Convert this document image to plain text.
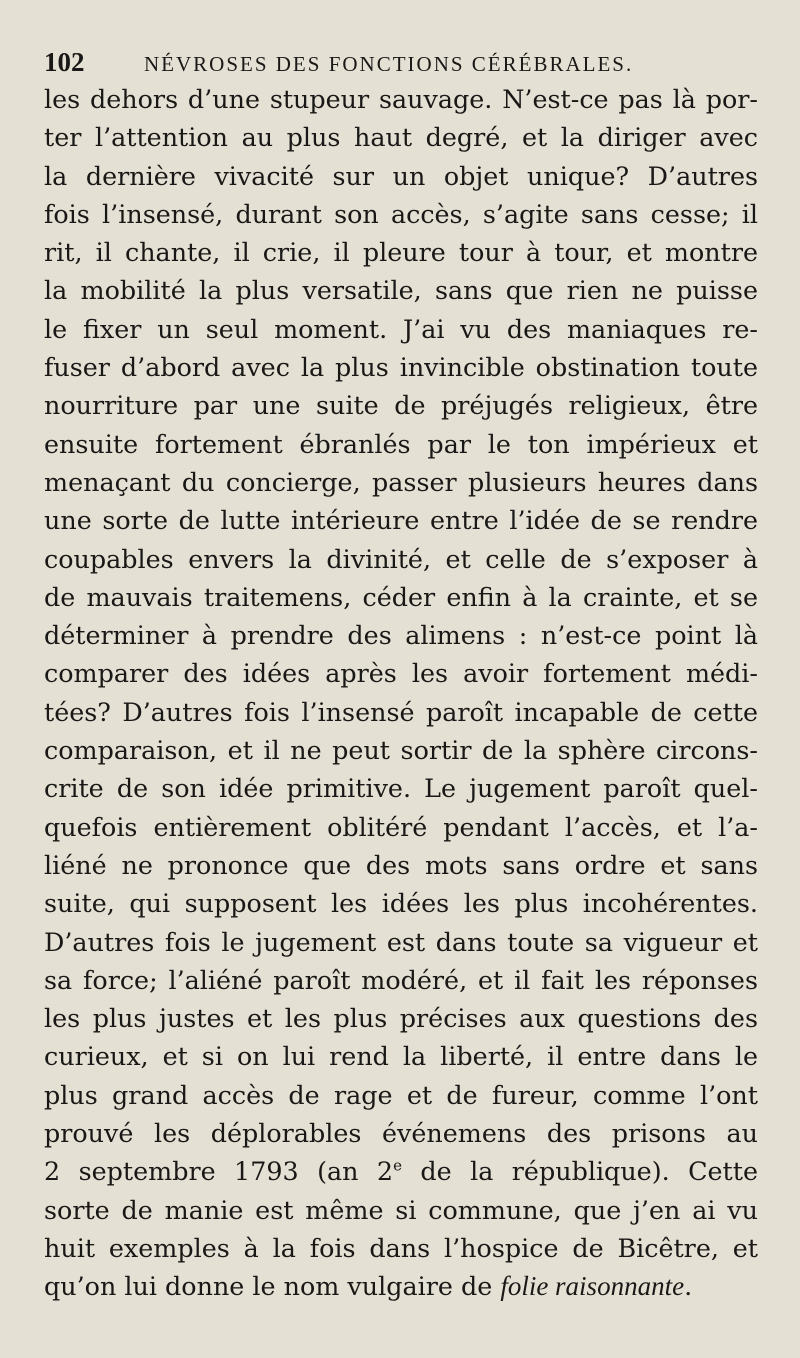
102	NÉVROSES DES FONCTIONS CÉRÉBRALES.
les dehors d’une stupeur sauvage. N’est-ce pas là por-
ter l’attention au plus haut degré, et la diriger avec
la dernière vivacité sur un objet unique? D’autres
fois l’insensé, durant son accès, s’agite sans cesse; il
rit, il chante, il crie, il pleure tour à tour, et montre
la mobilité la plus versatile, sans que rien ne puisse
le fixer un seul moment. J’ai vu des maniaques re-
fuser d’abord avec la plus invincible obstination toute
nourriture par une suite de préjugés religieux, être
ensuite fortement ébranlés par le ton impérieux et
menaçant du concierge, passer plusieurs heures dans
une sorte de lutte intérieure entre l’idée de se rendre
coupables envers la divinité, et celle de s’exposer à
de mauvais traitemens, céder enfin à la crainte, et se
déterminer à prendre des alimens : n’est-ce point là
comparer des idées après les avoir fortement médi-
tées? D’autres fois l’insensé paroît incapable de cette
comparaison, et il ne peut sortir de la sphère circons-
crite de son idée primitive. Le jugement paroît quel-
quefois entièrement oblitéré pendant l’accès, et l’a-
liéné ne prononce que des mots sans ordre et sans
suite, qui supposent les idées les plus incohérentes.
D’autres fois le jugement est dans toute sa vigueur et
sa force; l’aliéné paroît modéré, et il fait les réponses
les plus justes et les plus précises aux questions des
curieux, et si on lui rend la liberté, il entre dans le
plus grand accès de rage et de fureur, comme l’ont
prouvé les déplorables événemens des prisons au
2 septembre 1793 (an 2e de la république). Cette
sorte de manie est même si commune, que j’en ai vu
huit exemples à la fois dans l’hospice de Bicêtre, et
qu’on lui donne le nom vulgaire de folie raisonnante.
